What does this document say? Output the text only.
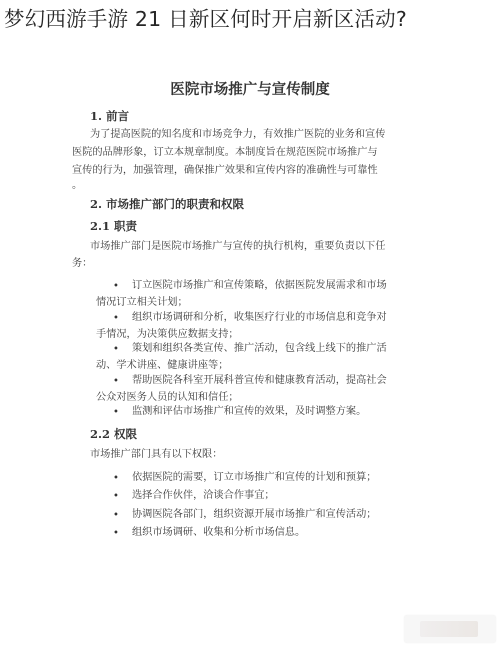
梦幻西游手游 21 日新区何时开启新区活动?
医院市场推广与宣传制度
1. 前言
为了提高医院的知名度和市场竞争力，有效推广医院的业务和宣传
医院的品牌形象，订立本规章制度。本制度旨在规范医院市场推广与
宣传的行为，加强管理，确保推广效果和宣传内容的准确性与可靠性
。
2. 市场推广部门的职责和权限
2.1 职责
市场推广部门是医院市场推广与宣传的执行机构，重要负责以下任
务：
• 订立医院市场推广和宣传策略，依据医院发展需求和市场
情况订立相关计划；
• 组织市场调研和分析，收集医疗行业的市场信息和竞争对
手情况，为决策供应数据支持；
• 策划和组织各类宣传、推广活动，包含线上线下的推广活
动、学术讲座、健康讲座等；
• 帮助医院各科室开展科普宣传和健康教育活动，提高社会
公众对医务人员的认知和信任；
• 监测和评估市场推广和宣传的效果，及时调整方案。
2.2 权限
市场推广部门具有以下权限：
• 依据医院的需要，订立市场推广和宣传的计划和预算；
• 选择合作伙伴，洽谈合作事宜；
• 协调医院各部门，组织资源开展市场推广和宣传活动；
• 组织市场调研、收集和分析市场信息。
